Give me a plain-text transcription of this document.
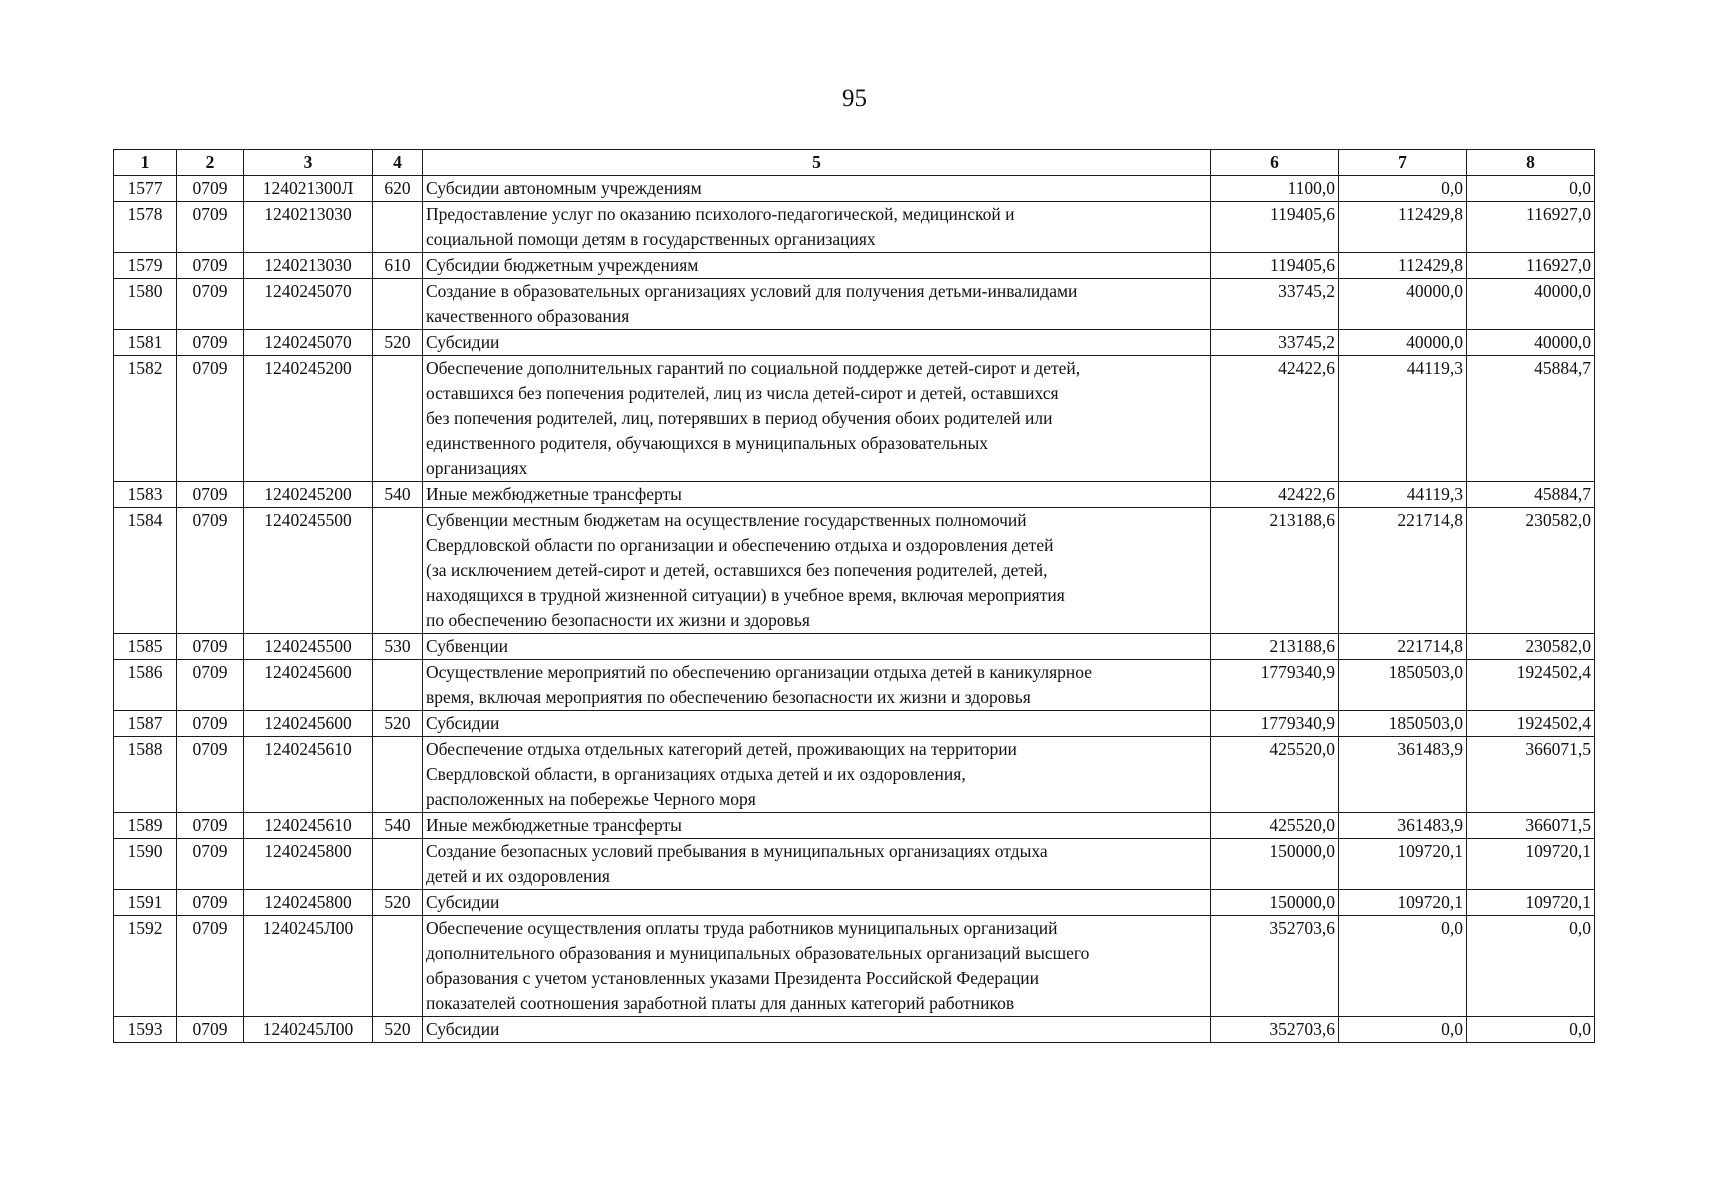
95
1	2	3	4	5	6	7	8
1577	0709	124021300Л	620	Субсидии автономным учреждениям	1100,0	0,0	0,0
1578	0709	1240213030		Предоставление услуг по оказанию психолого-педагогической, медицинской и
социальной помощи детям в государственных организациях	119405,6	112429,8	116927,0
1579	0709	1240213030	610	Субсидии бюджетным учреждениям	119405,6	112429,8	116927,0
1580	0709	1240245070		Создание в образовательных организациях условий для получения детьми-инвалидами
качественного образования	33745,2	40000,0	40000,0
1581	0709	1240245070	520	Субсидии	33745,2	40000,0	40000,0
1582	0709	1240245200		Обеспечение дополнительных гарантий по социальной поддержке детей-сирот и детей,
оставшихся без попечения родителей, лиц из числа детей-сирот и детей, оставшихся
без попечения родителей, лиц, потерявших в период обучения обоих родителей или
единственного родителя, обучающихся в муниципальных образовательных
организациях	42422,6	44119,3	45884,7
1583	0709	1240245200	540	Иные межбюджетные трансферты	42422,6	44119,3	45884,7
1584	0709	1240245500		Субвенции местным бюджетам на осуществление государственных полномочий
Свердловской области по организации и обеспечению отдыха и оздоровления детей
(за исключением детей-сирот и детей, оставшихся без попечения родителей, детей,
находящихся в трудной жизненной ситуации) в учебное время, включая мероприятия
по обеспечению безопасности их жизни и здоровья	213188,6	221714,8	230582,0
1585	0709	1240245500	530	Субвенции	213188,6	221714,8	230582,0
1586	0709	1240245600		Осуществление мероприятий по обеспечению организации отдыха детей в каникулярное
время, включая мероприятия по обеспечению безопасности их жизни и здоровья	1779340,9	1850503,0	1924502,4
1587	0709	1240245600	520	Субсидии	1779340,9	1850503,0	1924502,4
1588	0709	1240245610		Обеспечение отдыха отдельных категорий детей, проживающих на территории
Свердловской области, в организациях отдыха детей и их оздоровления,
расположенных на побережье Черного моря	425520,0	361483,9	366071,5
1589	0709	1240245610	540	Иные межбюджетные трансферты	425520,0	361483,9	366071,5
1590	0709	1240245800		Создание безопасных условий пребывания в муниципальных организациях отдыха
детей и их оздоровления	150000,0	109720,1	109720,1
1591	0709	1240245800	520	Субсидии	150000,0	109720,1	109720,1
1592	0709	1240245Л00		Обеспечение осуществления оплаты труда работников муниципальных организаций
дополнительного образования и муниципальных образовательных организаций высшего
образования с учетом установленных указами Президента Российской Федерации
показателей соотношения заработной платы для данных категорий работников	352703,6	0,0	0,0
1593	0709	1240245Л00	520	Субсидии	352703,6	0,0	0,0
